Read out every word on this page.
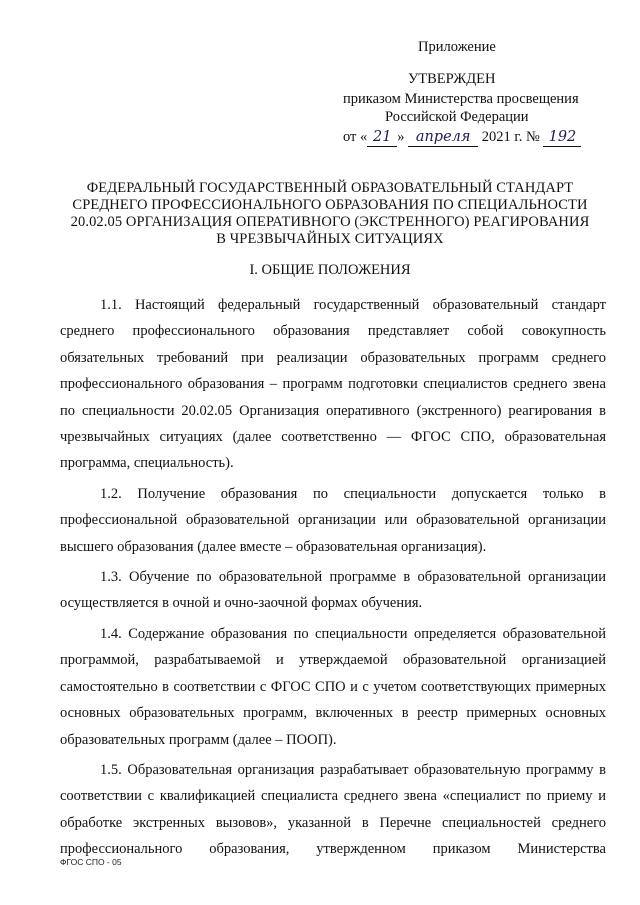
Приложение
УТВЕРЖДЕН
приказом Министерства просвещения
Российской Федерации
от « 21 » апреля 2021 г. № 192
ФЕДЕРАЛЬНЫЙ ГОСУДАРСТВЕННЫЙ ОБРАЗОВАТЕЛЬНЫЙ СТАНДАРТ
СРЕДНЕГО ПРОФЕССИОНАЛЬНОГО ОБРАЗОВАНИЯ ПО СПЕЦИАЛЬНОСТИ
20.02.05 ОРГАНИЗАЦИЯ ОПЕРАТИВНОГО (ЭКСТРЕННОГО) РЕАГИРОВАНИЯ
В ЧРЕЗВЫЧАЙНЫХ СИТУАЦИЯХ
I. ОБЩИЕ ПОЛОЖЕНИЯ

1.1. Настоящий федеральный государственный образовательный стандарт среднего профессионального образования представляет собой совокупность обязательных требований при реализации образовательных программ среднего профессионального образования – программ подготовки специалистов среднего звена по специальности 20.02.05 Организация оперативного (экстренного) реагирования в чрезвычайных ситуациях (далее соответственно — ФГОС СПО, образовательная программа, специальность).

1.2. Получение образования по специальности допускается только в профессиональной образовательной организации или образовательной организации высшего образования (далее вместе – образовательная организация).

1.3. Обучение по образовательной программе в образовательной организации осуществляется в очной и очно-заочной формах обучения.

1.4. Содержание образования по специальности определяется образовательной программой, разрабатываемой и утверждаемой образовательной организацией самостоятельно в соответствии с ФГОС СПО и с учетом соответствующих примерных основных образовательных программ, включенных в реестр примерных основных образовательных программ (далее – ПООП).

1.5. Образовательная организация разрабатывает образовательную программу в соответствии с квалификацией специалиста среднего звена «специалист по приему и обработке экстренных вызовов», указанной в Перечне специальностей среднего профессионального образования, утвержденном приказом Министерства

ФГОС СПО - 05
